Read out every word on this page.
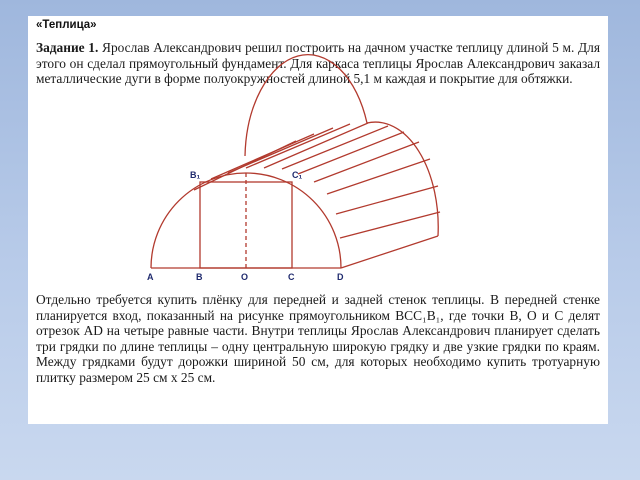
«Теплица»
Задание 1. Ярослав Александрович решил построить на дачном участке теплицу длиной 5 м. Для этого он сделал прямоугольный фундамент. Для каркаса теплицы Ярослав Александрович заказал металлические дуги в форме полуокружностей длиной 5,1 м каждая и покрытие для обтяжки.
B₁	C₁
A	B	O	C	D
Отдельно требуется купить плёнку для передней и задней стенок теплицы. В передней стенке планируется вход, показанный на рисунке прямоугольником BCC₁B₁, где точки B, O и C делят отрезок AD на четыре равные части. Внутри теплицы Ярослав Александрович планирует сделать три грядки по длине теплицы – одну центральную широкую грядку и две узкие грядки по краям. Между грядками будут дорожки шириной 50 см, для которых необходимо купить тротуарную плитку размером 25 см x 25 см.
